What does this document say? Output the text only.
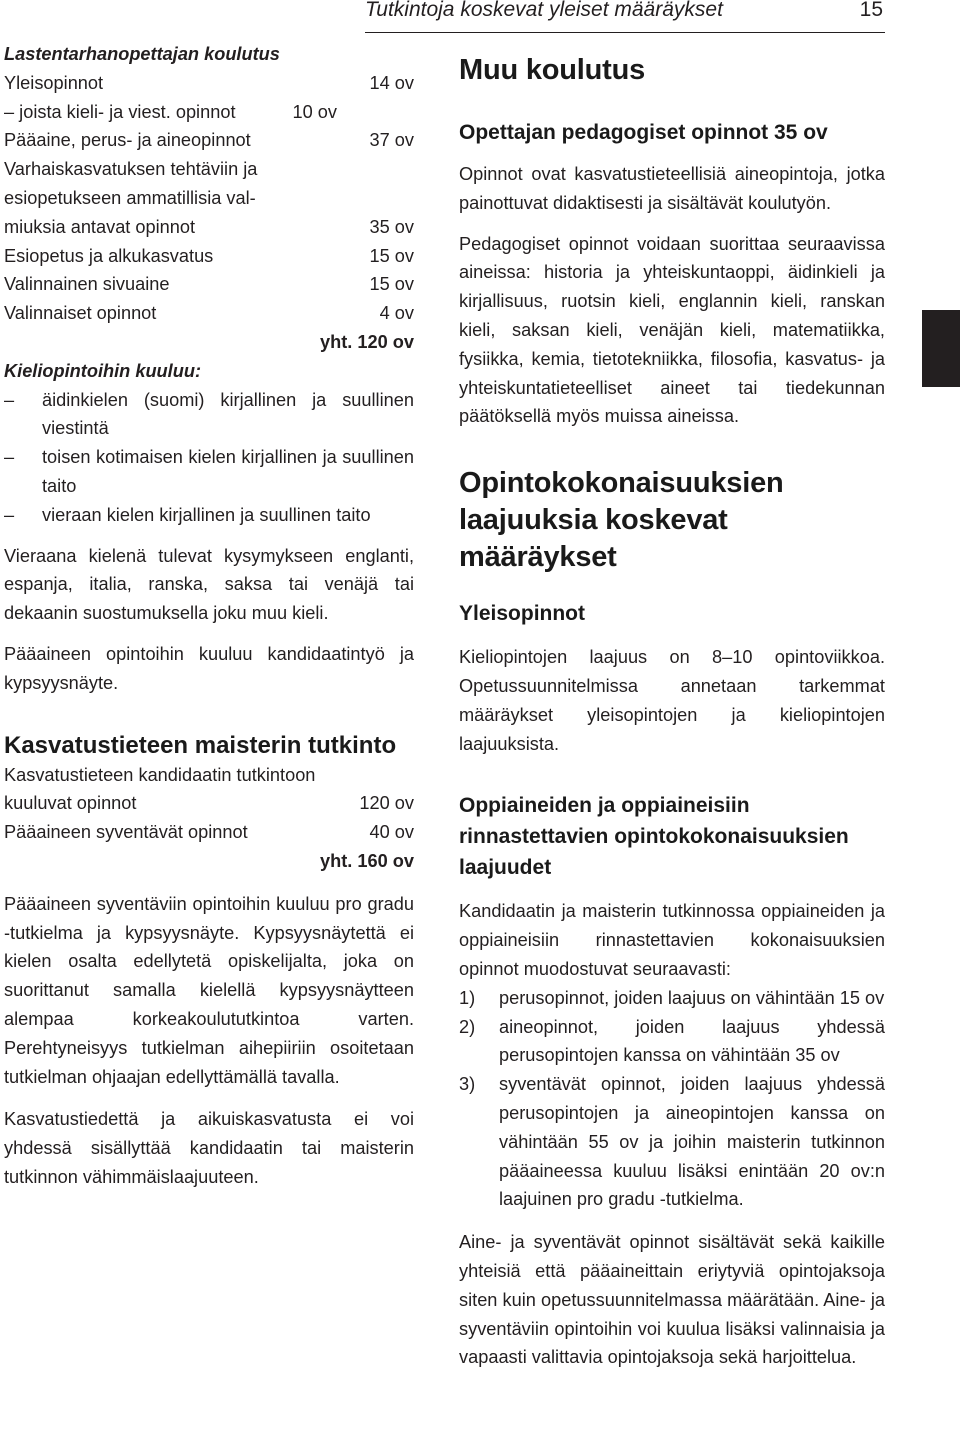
Tutkintoja koskevat yleiset määräykset	15
Lastentarhanopettajan koulutus
Yleisopinnot	14 ov
– joista kieli- ja viest. opinnot	10 ov
Pääaine, perus- ja aineopinnot	37 ov
Varhaiskasvatuksen tehtäviin ja
esiopetukseen ammatillisia val-
miuksia antavat opinnot	35 ov
Esiopetus ja alkukasvatus	15 ov
Valinnainen sivuaine	15 ov
Valinnaiset opinnot	4 ov
yht. 120 ov
Kieliopintoihin kuuluu:
–	äidinkielen (suomi) kirjallinen ja suullinen viestintä
–	toisen kotimaisen kielen kirjallinen ja suullinen taito
–	vieraan kielen kirjallinen ja suullinen taito

Vieraana kielenä tulevat kysymykseen englanti, espanja, italia, ranska, saksa tai venäjä tai dekaanin suostumuksella joku muu kieli.

Pääaineen opintoihin kuuluu kandidaatintyö ja kypsyysnäyte.

Kasvatustieteen maisterin tutkinto
Kasvatustieteen kandidaatin tutkintoon
kuuluvat opinnot	120 ov
Pääaineen syventävät opinnot	40 ov
yht. 160 ov

Pääaineen syventäviin opintoihin kuuluu pro gradu -tutkielma ja kypsyysnäyte. Kypsyysnäytettä ei kielen osalta edellytetä opiskelijalta, joka on suorittanut samalla kielellä kypsyysnäytteen alempaa korkeakoulututkintoa varten. Perehtyneisyys tutkielman aihepiiriin osoitetaan tutkielman ohjaajan edellyttämällä tavalla.

Kasvatustiedettä ja aikuiskasvatusta ei voi yhdessä sisällyttää kandidaatin tai maisterin tutkinnon vähimmäislaajuuteen.

Muu koulutus
Opettajan pedagogiset opinnot 35 ov

Opinnot ovat kasvatustieteellisiä aineopintoja, jotka painottuvat didaktisesti ja sisältävät koulutyön.

Pedagogiset opinnot voidaan suorittaa seuraavissa aineissa: historia ja yhteiskuntaoppi, äidinkieli ja kirjallisuus, ruotsin kieli, englannin kieli, ranskan kieli, saksan kieli, venäjän kieli, matematiikka, fysiikka, kemia, tietotekniikka, filosofia, kasvatus- ja yhteiskuntatieteelliset aineet tai tiedekunnan päätöksellä myös muissa aineissa.

Opintokokonaisuuksien laajuuksia koskevat määräykset
Yleisopinnot

Kieliopintojen laajuus on 8–10 opintoviikkoa. Opetussuunnitelmissa annetaan tarkemmat määräykset yleisopintojen ja kieliopintojen laajuuksista.

Oppiaineiden ja oppiaineisiin rinnastettavien opintokokonaisuuksien laajuudet

Kandidaatin ja maisterin tutkinnossa oppiaineiden ja oppiaineisiin rinnastettavien kokonaisuuksien opinnot muodostuvat seuraavasti:

1)	perusopinnot, joiden laajuus on vähintään 15 ov
2)	aineopinnot, joiden laajuus yhdessä perusopintojen kanssa on vähintään 35 ov
3)	syventävät opinnot, joiden laajuus yhdessä perusopintojen ja aineopintojen kanssa on vähintään 55 ov ja joihin maisterin tutkinnon pääaineessa kuuluu lisäksi enintään 20 ov:n laajuinen pro gradu -tutkielma.

Aine- ja syventävät opinnot sisältävät sekä kaikille yhteisiä että pääaineittain eriytyviä opintojaksoja siten kuin opetussuunnitelmassa määrätään. Aine- ja syventäviin opintoihin voi kuulua lisäksi valinnaisia ja vapaasti valittavia opintojaksoja sekä harjoittelua.
